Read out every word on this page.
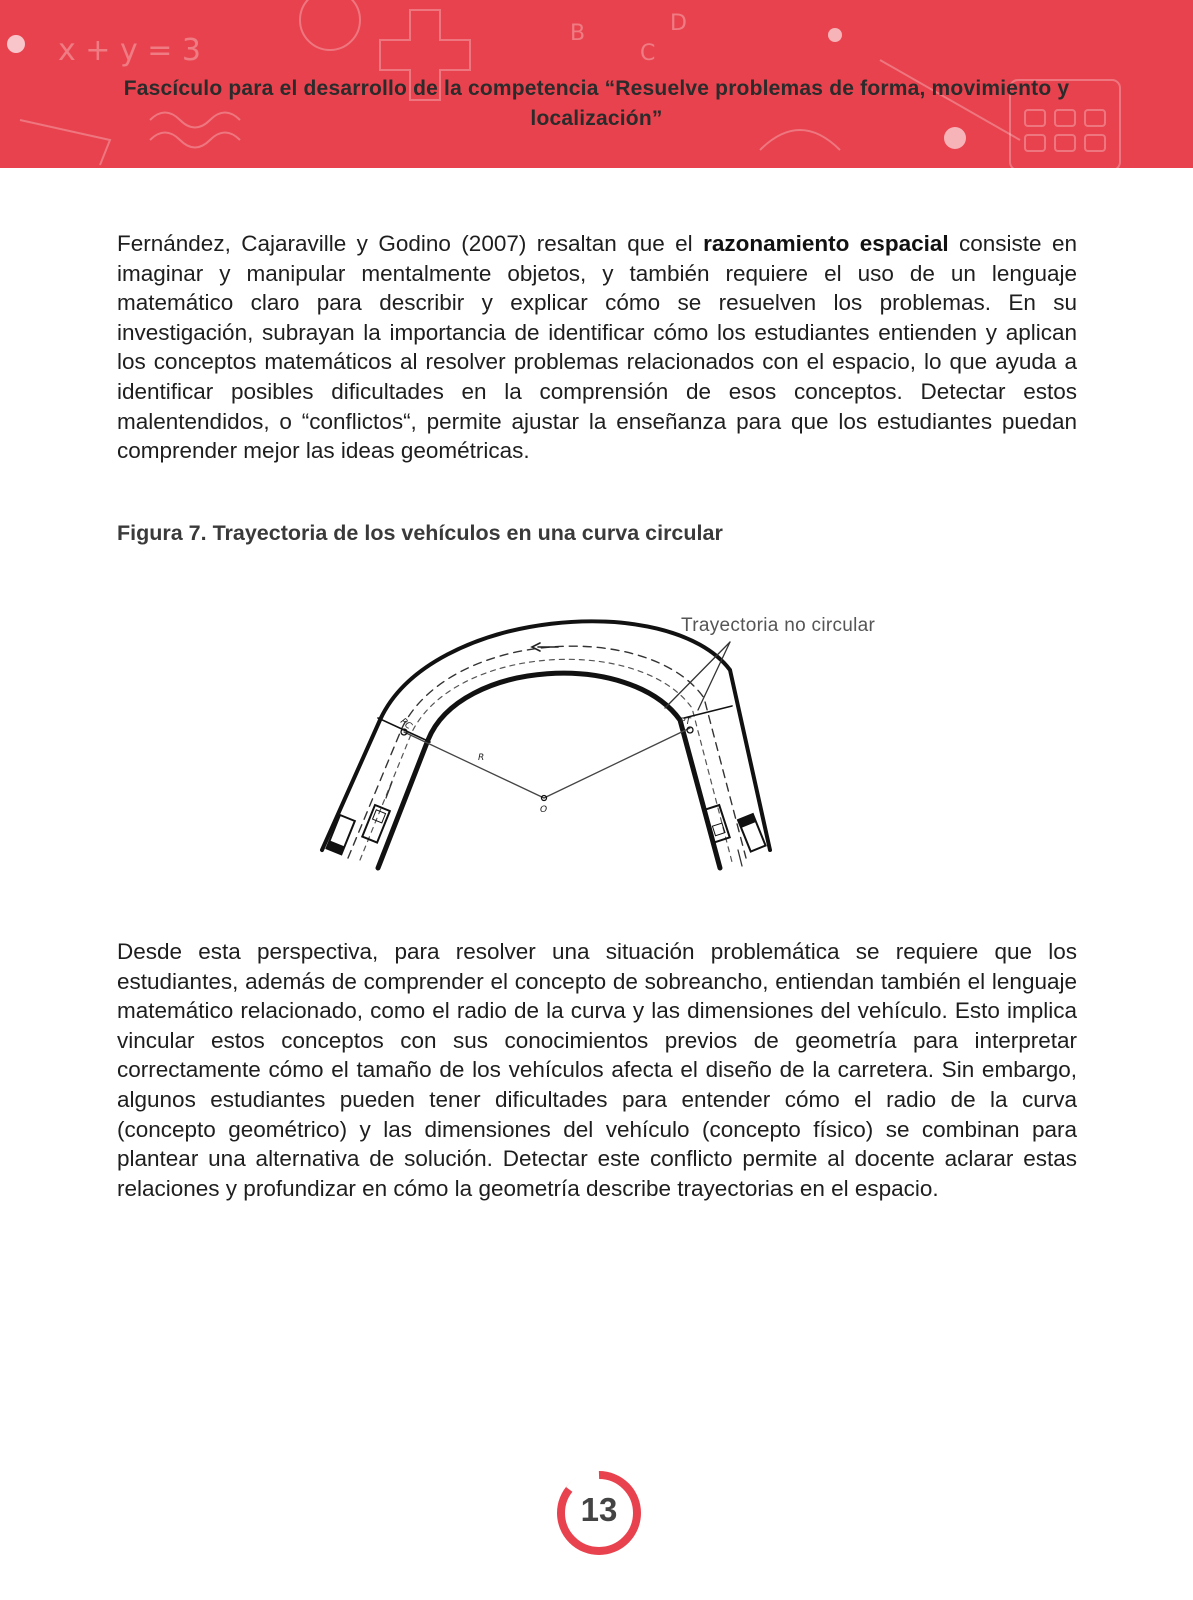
x + y = 3	B	D
C
Fascículo para el desarrollo de la competencia “Resuelve problemas de forma, movimiento y localización”
Fernández, Cajaraville y Godino (2007) resaltan que el razonamiento espacial consiste en imaginar y manipular mentalmente objetos, y también requiere el uso de un lenguaje matemático claro para describir y explicar cómo se resuelven los problemas. En su investigación, subrayan la importancia de identificar cómo los estudiantes entienden y aplican los conceptos matemáticos al resolver problemas relacionados con el espacio, lo que ayuda a identificar posibles dificultades en la comprensión de esos conceptos. Detectar estos malentendidos, o “conflictos“, permite ajustar la enseñanza para que los estudiantes puedan comprender mejor las ideas geométricas.
Figura 7. Trayectoria de los vehículos en una curva circular
Trayectoria no circular
PC	PT
R
O
Desde esta perspectiva, para resolver una situación problemática se requiere que los estudiantes, además de comprender el concepto de sobreancho, entiendan también el lenguaje matemático relacionado, como el radio de la curva y las dimensiones del vehículo. Esto implica vincular estos conceptos con sus conocimientos previos de geometría para interpretar correctamente cómo el tamaño de los vehículos afecta el diseño de la carretera. Sin embargo, algunos estudiantes pueden tener dificultades para entender cómo el radio de la curva (concepto geométrico) y las dimensiones del vehículo (concepto físico) se combinan para plantear una alternativa de solución. Detectar este conflicto permite al docente aclarar estas relaciones y profundizar en cómo la geometría describe trayectorias en el espacio.
13
